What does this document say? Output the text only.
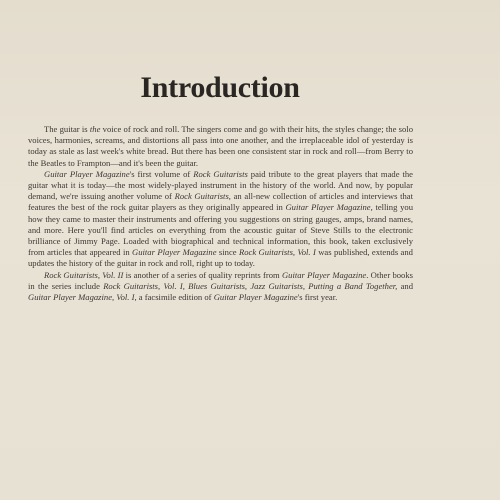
Introduction

The guitar is the voice of rock and roll. The singers come and go with their hits, the styles change; the solo voices, harmonies, screams, and distortions all pass into one another, and the irreplaceable idol of yesterday is today as stale as last week's white bread. But there has been one consistent star in rock and roll—from Berry to the Beatles to Frampton—and it's been the guitar.

Guitar Player Magazine's first volume of Rock Guitarists paid tribute to the great players that made the guitar what it is today—the most widely-played instrument in the history of the world. And now, by popular demand, we're issuing another volume of Rock Guitarists, an all-new collection of articles and interviews that features the best of the rock guitar players as they originally appeared in Guitar Player Magazine, telling you how they came to master their instruments and offering you suggestions on string gauges, amps, brand names, and more. Here you'll find articles on everything from the acoustic guitar of Steve Stills to the electronic brilliance of Jimmy Page. Loaded with biographical and technical information, this book, taken exclusively from articles that appeared in Guitar Player Magazine since Rock Guitarists, Vol. I was published, extends and updates the history of the guitar in rock and roll, right up to today.

Rock Guitarists, Vol. II is another of a series of quality reprints from Guitar Player Magazine. Other books in the series include Rock Guitarists, Vol. I, Blues Guitarists, Jazz Guitarists, Putting a Band Together, and Guitar Player Magazine, Vol. I, a facsimile edition of Guitar Player Magazine's first year.
